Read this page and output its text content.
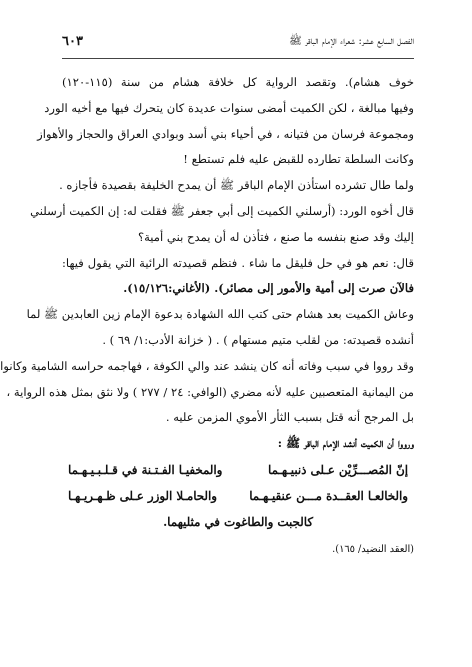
٦٠٣	الفصل السابع عشر: شعراء الإمام الباقر ﷺ
خوف هشام). وتقصد الرواية كل خلافة هشام من سنة (١١٥-١٢٠)
وفيها مبالغة ، لكن الكميت أمضى سنوات عديدة كان يتحرك فيها مع أخيه الورد
ومجموعة فرسان من فتيانه ، في أحياء بني أسد وبوادي العراق والحجاز والأهواز
وكانت السلطة تطارده للقبض عليه فلم تستطع !
ولما طال تشرده استأذن الإمام الباقر ﷺ أن يمدح الخليفة بقصيدة فأجازه .
قال أخوه الورد: (أرسلني الكميت إلى أبي جعفر ﷺ فقلت له: إن الكميت أرسلني
إليك وقد صنع بنفسه ما صنع ، فتأذن له أن يمدح بني أمية؟
قال: نعم هو في حل فليقل ما شاء . فنظم قصيدته الرائية التي يقول فيها:
فالآن صرت إلى أمية والأمور إلى مصائر). (الأغاني:١٥/١٢٦).
وعاش الكميت بعد هشام حتى كتب الله الشهادة بدعوة الإمام زين العابدين ﷺ لما
أنشده قصيدته: من لقلب متيم مستهام ) . ( خزانة الأدب:١/ ٦٩ ) .
وقد رووا في سبب وفاته أنه كان ينشد عند والي الكوفة ، فهاجمه حراسه الشامية وكانوا
من اليمانية المتعصبين عليه لأنه مضري (الوافي: ٢٤ / ٢٧٧ ) ولا نثق بمثل هذه الرواية ،
بل المرجح أنه قتل بسبب الثأر الأموي المزمن عليه .
ورووا أن الكميت أنشد الإمام الباقر ﷺ :
إنّ المُصـــرِّيْن عـلى ذنبيـهـما
والمخفيـا الفـتـنة في قـلـبـيـهـما
والخالعـا العقــدة مـــن عنقيـهـما
والحامـلا الوزر عـلى ظـهـريـهـا
كالجبت والطاغوت في مثليهما.
(العقد النضيد/ ١٦٥).
